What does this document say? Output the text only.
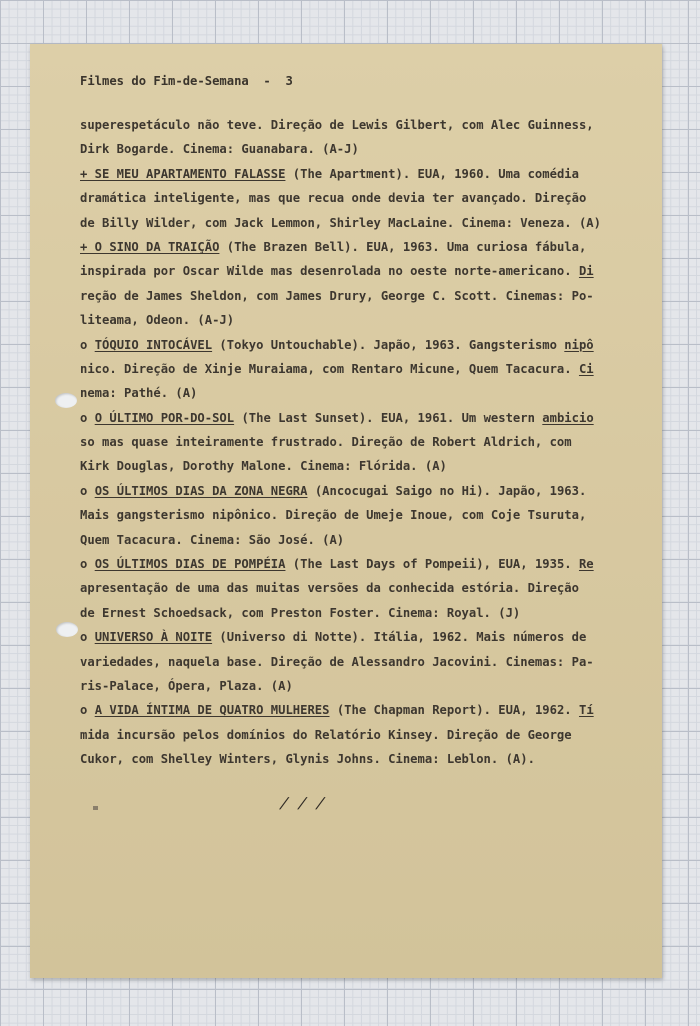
Filmes do Fim-de-Semana  -  3
superespetáculo não teve. Direção de Lewis Gilbert, com Alec Guinness,
Dirk Bogarde. Cinema: Guanabara. (A-J)
+ SE MEU APARTAMENTO FALASSE (The Apartment). EUA, 1960. Uma comédia
dramática inteligente, mas que recua onde devia ter avançado. Direção
de Billy Wilder, com Jack Lemmon, Shirley MacLaine. Cinema: Veneza. (A)
+ O SINO DA TRAIÇÃO (The Brazen Bell). EUA, 1963. Uma curiosa fábula,
inspirada por Oscar Wilde mas desenrolada no oeste norte-americano. Di
reção de James Sheldon, com James Drury, George C. Scott. Cinemas: Po-
liteama, Odeon. (A-J)
o TÓQUIO INTOCÁVEL (Tokyo Untouchable). Japão, 1963. Gangsterismo nipô
nico. Direção de Xinje Muraiama, com Rentaro Micune, Quem Tacacura. Ci
nema: Pathé. (A)
o O ÚLTIMO POR-DO-SOL (The Last Sunset). EUA, 1961. Um western ambicio
so mas quase inteiramente frustrado. Direção de Robert Aldrich, com
Kirk Douglas, Dorothy Malone. Cinema: Flórida. (A)
o OS ÚLTIMOS DIAS DA ZONA NEGRA (Ancocugai Saigo no Hi). Japão, 1963.
Mais gangsterismo nipônico. Direção de Umeje Inoue, com Coje Tsuruta,
Quem Tacacura. Cinema: São José. (A)
o OS ÚLTIMOS DIAS DE POMPÉIA (The Last Days of Pompeii), EUA, 1935. Re
apresentação de uma das muitas versões da conhecida estória. Direção
de Ernest Schoedsack, com Preston Foster. Cinema: Royal. (J)
o UNIVERSO À NOITE (Universo di Notte). Itália, 1962. Mais números de
variedades, naquela base. Direção de Alessandro Jacovini. Cinemas: Pa-
ris-Palace, Ópera, Plaza. (A)
o A VIDA ÍNTIMA DE QUATRO MULHERES (The Chapman Report). EUA, 1962. Tí
mida incursão pelos domínios do Relatório Kinsey. Direção de George
Cukor, com Shelley Winters, Glynis Johns. Cinema: Leblon. (A).
/ / /
